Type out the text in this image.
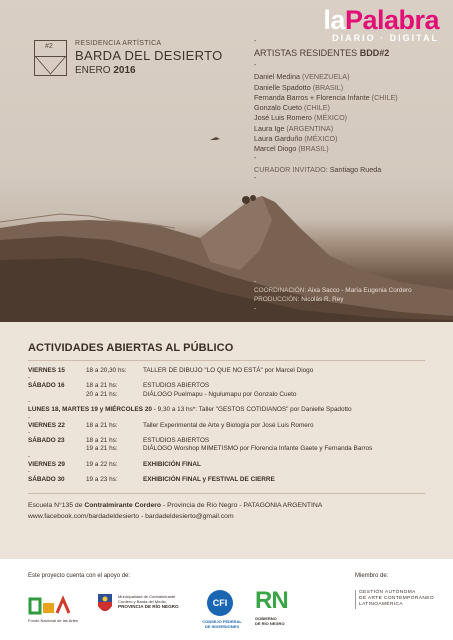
laPalabra
DIARIO · DIGITAL
#2	RESIDENCIA ARTÍSTICA
BARDA DEL DESIERTO
ENERO 2016
-
ARTISTAS RESIDENTES BDD#2
-
Daniel Medina (VENEZUELA)
Danielle Spadotto (BRASIL)
Fernanda Barros + Florencia Infante (CHILE)
Gonzalo Cueto (CHILE)
José Luis Romero (MÉXICO)
Laura Ige (ARGENTINA)
Laura Garduño (MÉXICO)
Marcel Diogo (BRASIL)
-
CURADOR INVITADO: Santiago Rueda
-
-
COORDINACIÓN: Aixa Sacco - María Eugenia Cordero
PRODUCCIÓN: Nicolás R. Rey
-
ACTIVIDADES ABIERTAS AL PÚBLICO
VIERNES 15	18 a 20,30 hs:	TALLER DE DIBUJO "LO QUE NO ESTÁ" por Marcel Diogo
-
SÁBADO 16	18 a 21 hs:	ESTUDIOS ABIERTOS
20 a 21 hs:	DIÁLOGO Puelmapu - Ngulumapu por Gonzalo Cueto
-
LUNES 18, MARTES 19 y MIÉRCOLES 20 - 9,30 a 13 hs*: Taller "GESTOS COTIDIANOS" por Danielle Spadotto
-
VIERNES 22	18 a 21 hs:	Taller Experimental de Arte y Biología por José Luis Romero
-
SÁBADO 23	18 a 21 hs:	ESTUDIOS ABIERTOS
19 a 21 hs:	DIÁLOGO Worshop MIMETISMO por Florencia Infante Gaete y Fernanda Barros
-
VIERNES 29	19 a 22 hs:	EXHIBICIÓN FINAL
-
SÁBADO 30	19 a 23 hs:	EXHIBICIÓN FINAL y FESTIVAL DE CIERRE
Escuela N°135 de Contralmirante Cordero - Provincia de Río Negro - PATAGONIA ARGENTINA
www.facebook.com/bardadeldesierto - bardadeldesierto@gmail.com
Este proyecto cuenta con el apoyo de:	Miembro de:
Fondo Nacional de las Artes
Municipalidad de Contralmirante
Cordero y Barda del Medio
PROVINCIA DE RÍO NEGRO	CFI
CONSEJO FEDERAL
DE INVERSIONES
RN
GOBIERNO
DE RÍO NEGRO
GESTIÓN AUTÓNOMA
DE ARTE CONTEMPORÁNEO
LATINOAMÉRICA
